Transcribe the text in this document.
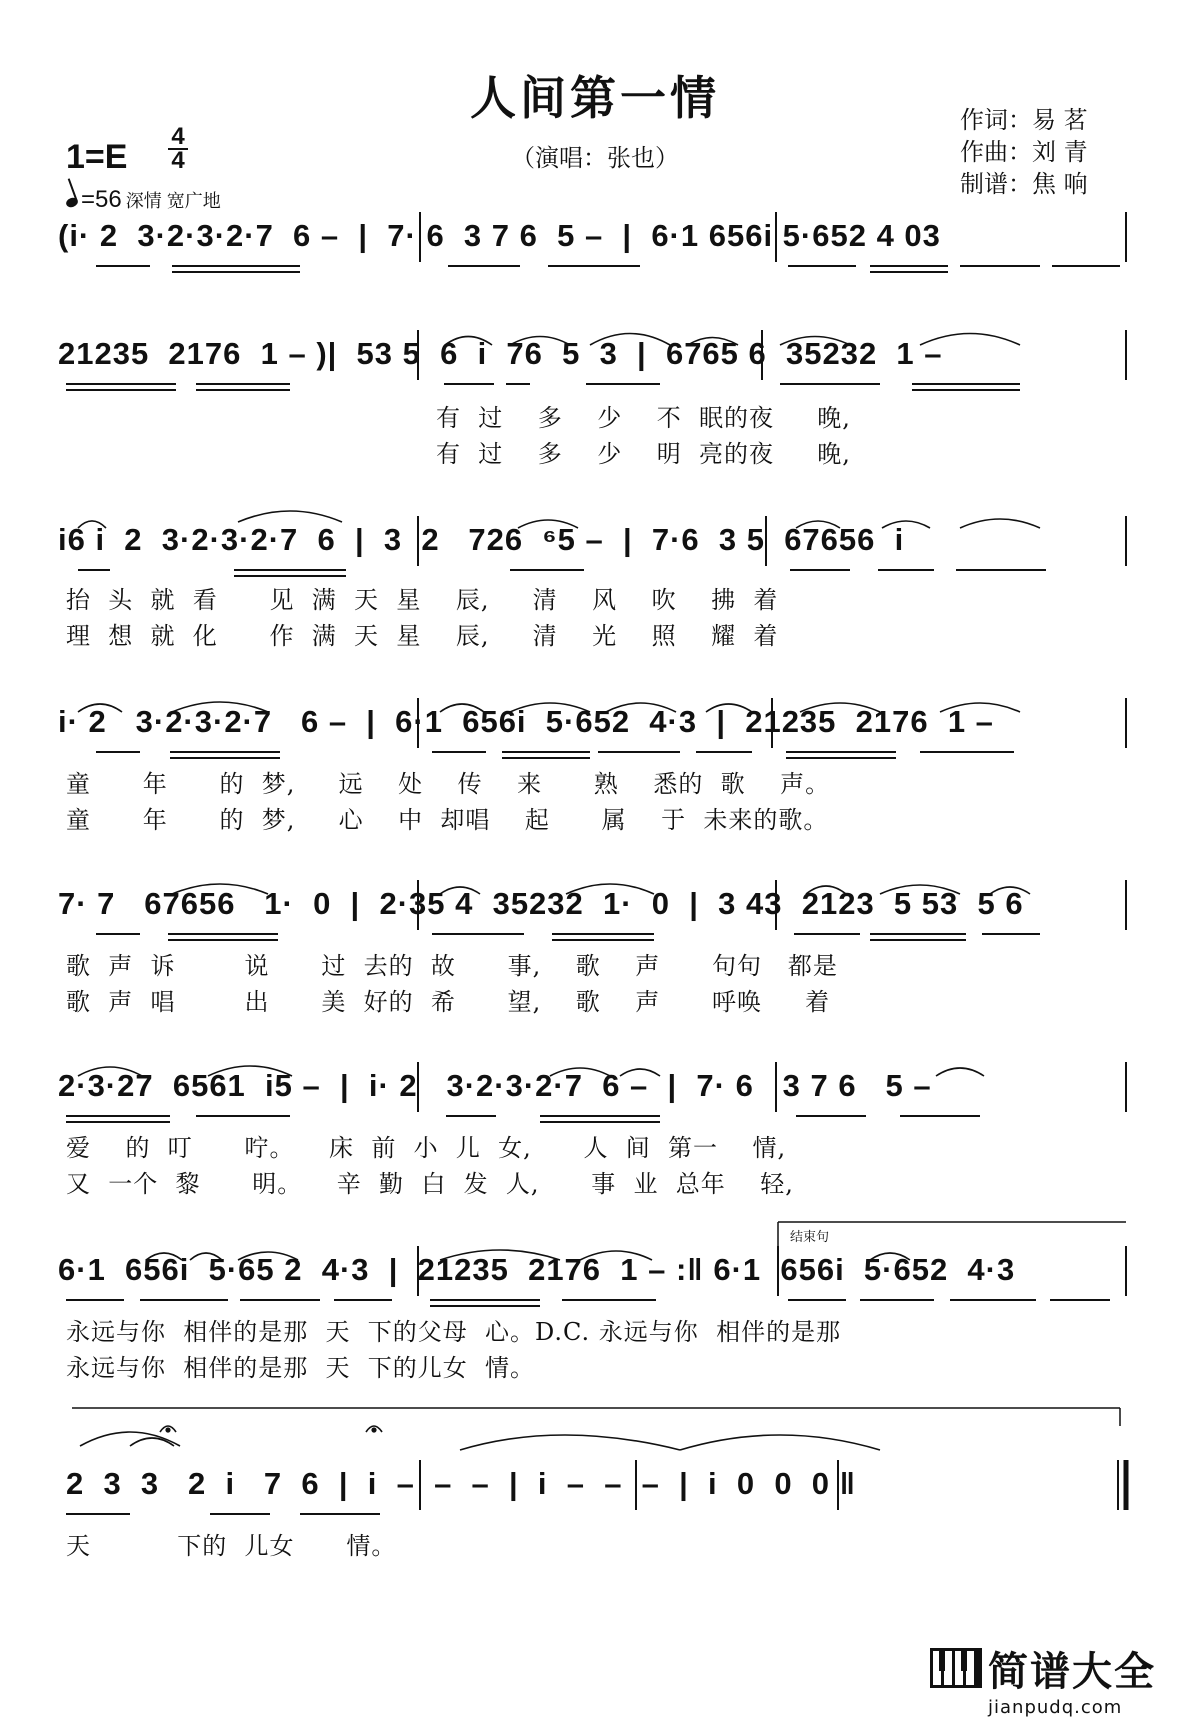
人间第一情
（演唱：张也）
作词：易 茗
作曲：刘 青
制谱：焦 响
1=E
4
4
=56 深情 宽广地
(i· 2  3·2·3·2·7  6 –  |  7· 6  3 7 6  5 –  |  6·1 656i 5·652 4 03
21235  2176  1 – )|  53 5  6  i  76  5  3  |  6765 6  35232  1 –
有  过    多    少    不  眠的夜     晚,
有  过    多    少    明  亮的夜     晚,
i6 i  2  3·2·3·2·7  6  |  3  2   726  ⁶5 –  |  7·6  3 5  67656  i
抬  头  就  看      见  满  天  星    辰,     清    风    吹    拂  着
理  想  就  化      作  满  天  星    辰,     清    光    照    耀  着
i· 2   3·2·3·2·7   6 –  |  6·1  656i  5·652  4·3  |  21235  2176  1 –
童      年      的  梦,     远    处    传    来      熟    悉的  歌    声。
童      年      的  梦,     心    中  却唱    起      属    于  未来的歌。
7· 7   67656   1·  0  |  2·35 4  35232  1·  0  |  3 43  2123  5 53  5 6
歌  声  诉        说      过  去的  故      事,    歌    声      句句   都是
歌  声  唱        出      美  好的  希      望,    歌    声      呼唤     着
2·3·27  6561  i5 –  |  i· 2   3·2·3·2·7  6 –  |  7· 6   3 7 6   5 –
爱    的  叮      咛。    床  前  小  儿  女,      人  间  第一    情,
又  一个  黎      明。    辛  勤  白  发  人,      事  业  总年    轻,
结束句
6·1  656i  5·65 2  4·3  |  21235  2176  1 – :‖ 6·1  656i  5·652  4·3
永远与你  相伴的是那  天  下的父母  心。D.C. 永远与你  相伴的是那
永远与你  相伴的是那  天  下的儿女  情。
2  3  3   2  i   7  6  |  i  –  –  –  |  i  –  –  –  |  i  0  0  0 ‖
天          下的  儿女      情。
简谱大全
jianpudq.com
